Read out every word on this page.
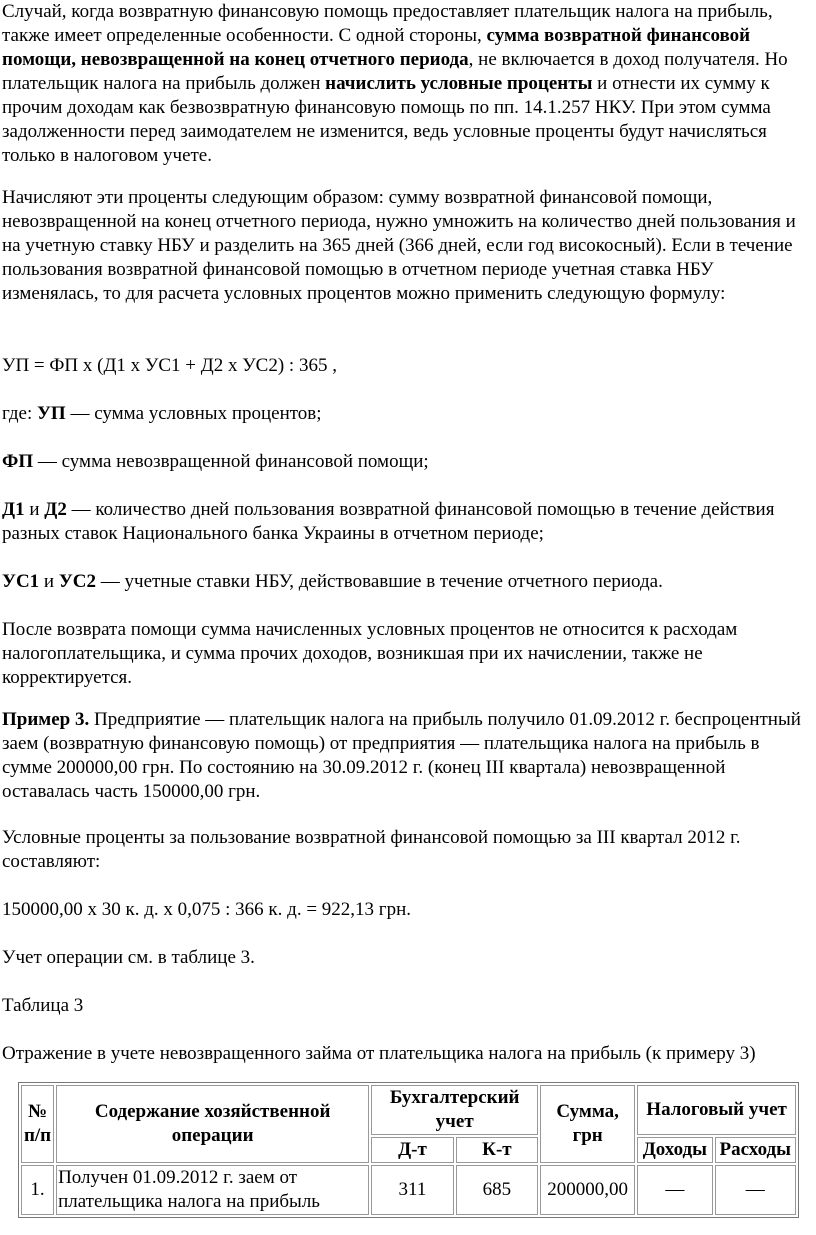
Случай, когда возвратную финансовую помощь предоставляет плательщик налога на прибыль, также имеет определенные особенности. С одной стороны, сумма возвратной финансовой помощи, невозвращенной на конец отчетного периода, не включается в доход получателя. Но плательщик налога на прибыль должен начислить условные проценты и отнести их сумму к прочим доходам как безвозвратную финансовую помощь по пп. 14.1.257 НКУ. При этом сумма задолженности перед заимодателем не изменится, ведь условные проценты будут начисляться только в налоговом учете.

Начисляют эти проценты следующим образом: сумму возвратной финансовой помощи, невозвращенной на конец отчетного периода, нужно умножить на количество дней пользования и на учетную ставку НБУ и разделить на 365 дней (366 дней, если год високосный). Если в течение пользования возвратной финансовой помощью в отчетном периоде учетная ставка НБУ изменялась, то для расчета условных процентов можно применить следующую формулу:

УП = ФП х (Д1 х УС1 + Д2 х УС2) : 365 ,

где: УП — сумма условных процентов;

ФП — сумма невозвращенной финансовой помощи;

Д1 и Д2 — количество дней пользования возвратной финансовой помощью в течение действия разных ставок Национального банка Украины в отчетном периоде;

УС1 и УС2 — учетные ставки НБУ, действовавшие в течение отчетного периода.

После возврата помощи сумма начисленных условных процентов не относится к расходам налогоплательщика, и сумма прочих доходов, возникшая при их начислении, также не корректируется.

Пример 3. Предприятие — плательщик налога на прибыль получило 01.09.2012 г. беспроцентный заем (возвратную финансовую помощь) от предприятия — плательщика налога на прибыль в сумме 200000,00 грн. По состоянию на 30.09.2012 г. (конец III квартала) невозвращенной оставалась часть 150000,00 грн.

Условные проценты за пользование возвратной финансовой помощью за III квартал 2012 г. составляют:

150000,00 х 30 к. д. х 0,075 : 366 к. д. = 922,13 грн.

Учет операции см. в таблице 3.

Таблица 3

Отражение в учете невозвращенного займа от плательщика налога на прибыль (к примеру 3)

№ п/п	Содержание хозяйственной операции	Бухгалтерский учет		Сумма, грн	Налоговый учет	
		Д-т	К-т		Доходы	Расходы
1.	Получен 01.09.2012 г. заем от плательщика налога на прибыль	311	685	200000,00	—	—
